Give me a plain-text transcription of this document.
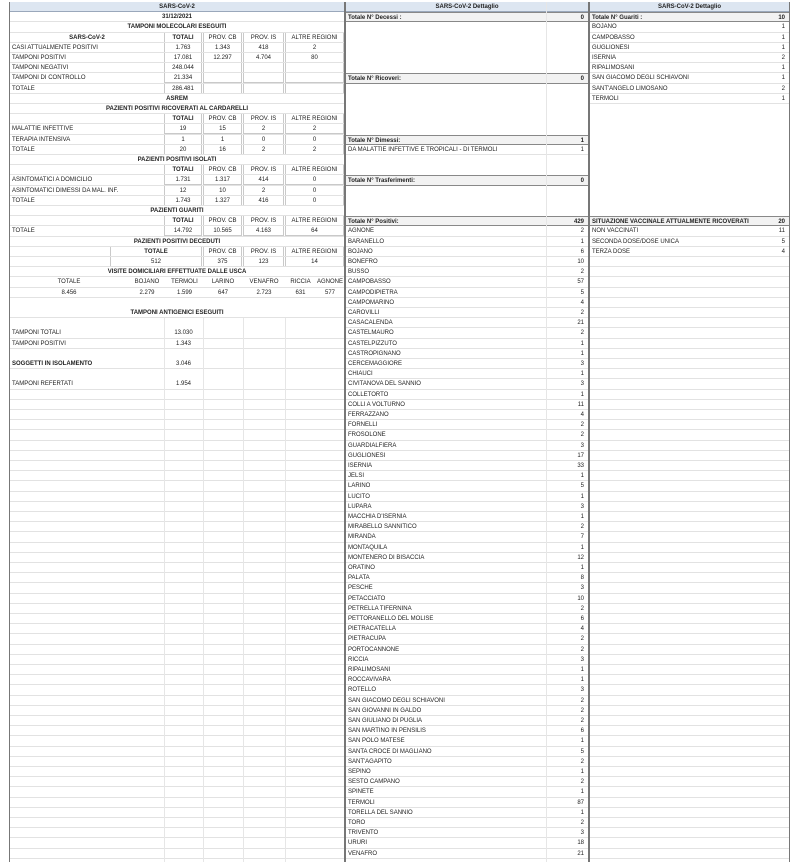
SARS-CoV-2
31/12/2021
TAMPONI MOLECOLARI ESEGUITI
SARS-CoV-2	TOTALI	PROV. CB	PROV. IS	ALTRE REGIONI
CASI ATTUALMENTE POSITIVI	1.763	1.343	418	2
TAMPONI POSITIVI	17.081	12.297	4.704	80
TAMPONI NEGATIVI	248.044
TAMPONI DI CONTROLLO	21.334
TOTALE	286.481
ASREM
PAZIENTI POSITIVI RICOVERATI AL CARDARELLI
TOTALI	PROV. CB	PROV. IS	ALTRE REGIONI
MALATTIE INFETTIVE	19	15	2	2
TERAPIA INTENSIVA	1	1	0	0
TOTALE	20	16	2	2
PAZIENTI POSITIVI ISOLATI
TOTALI	PROV. CB	PROV. IS	ALTRE REGIONI
ASINTOMATICI A DOMICILIO	1.731	1.317	414	0
ASINTOMATICI DIMESSI DA MAL. INF.	12	10	2	0
TOTALE	1.743	1.327	416	0
PAZIENTI GUARITI
TOTALI	PROV. CB	PROV. IS	ALTRE REGIONI
TOTALE	14.792	10.565	4.163	64
PAZIENTI POSITIVI DECEDUTI
TOTALE	PROV. CB	PROV. IS	ALTRE REGIONI
512	375	123	14
VISITE DOMICILIARI EFFETTUATE DALLE USCA
TOTALE	BOJANO	TERMOLI	LARINO	VENAFRO	RICCIA	AGNONE
8.456	2.279	1.599	647	2.723	631	577
TAMPONI ANTIGENICI ESEGUITI
TAMPONI TOTALI	13.030
TAMPONI POSITIVI	1.343
SOGGETTI IN ISOLAMENTO	3.046
TAMPONI REFERTATI	1.954
SARS-CoV-2 Dettaglio
Totale N° Decessi :	0
Totale N° Ricoveri:	0
Totale N° Dimessi:	1
DA MALATTIE INFETTIVE E TROPICALI - DI TERMOLI	1
Totale N° Trasferimenti:	0
Totale N° Positivi:	429
AGNONE	2
BARANELLO	1
BOJANO	6
BONEFRO	10
BUSSO	2
CAMPOBASSO	57
CAMPODIPIETRA	5
CAMPOMARINO	4
CAROVILLI	2
CASACALENDA	21
CASTELMAURO	2
CASTELPIZZUTO	1
CASTROPIGNANO	1
CERCEMAGGIORE	3
CHIAUCI	1
CIVITANOVA DEL SANNIO	3
COLLETORTO	1
COLLI A VOLTURNO	11
FERRAZZANO	4
FORNELLI	2
FROSOLONE	2
GUARDIALFIERA	3
GUGLIONESI	17
ISERNIA	33
JELSI	1
LARINO	5
LUCITO	1
LUPARA	3
MACCHIA D'ISERNIA	1
MIRABELLO SANNITICO	2
MIRANDA	7
MONTAQUILA	1
MONTENERO DI BISACCIA	12
ORATINO	1
PALATA	8
PESCHE	3
PETACCIATO	10
PETRELLA TIFERNINA	2
PETTORANELLO DEL MOLISE	6
PIETRACATELLA	4
PIETRACUPA	2
PORTOCANNONE	2
RICCIA	3
RIPALIMOSANI	1
ROCCAVIVARA	1
ROTELLO	3
SAN GIACOMO DEGLI SCHIAVONI	2
SAN GIOVANNI IN GALDO	2
SAN GIULIANO DI PUGLIA	2
SAN MARTINO IN PENSILIS	6
SAN POLO MATESE	1
SANTA CROCE DI MAGLIANO	5
SANT'AGAPITO	2
SEPINO	1
SESTO CAMPANO	2
SPINETE	1
TERMOLI	87
TORELLA DEL SANNIO	1
TORO	2
TRIVENTO	3
URURI	18
VENAFRO	21
SARS-CoV-2 Dettaglio
Totale N° Guariti :	10
BOJANO	1
CAMPOBASSO	1
GUGLIONESI	1
ISERNIA	2
RIPALIMOSANI	1
SAN GIACOMO DEGLI SCHIAVONI	1
SANT'ANGELO LIMOSANO	2
TERMOLI	1
SITUAZIONE VACCINALE ATTUALMENTE RICOVERATI	20
NON VACCINATI	11
SECONDA DOSE/DOSE UNICA	5
TERZA DOSE	4
